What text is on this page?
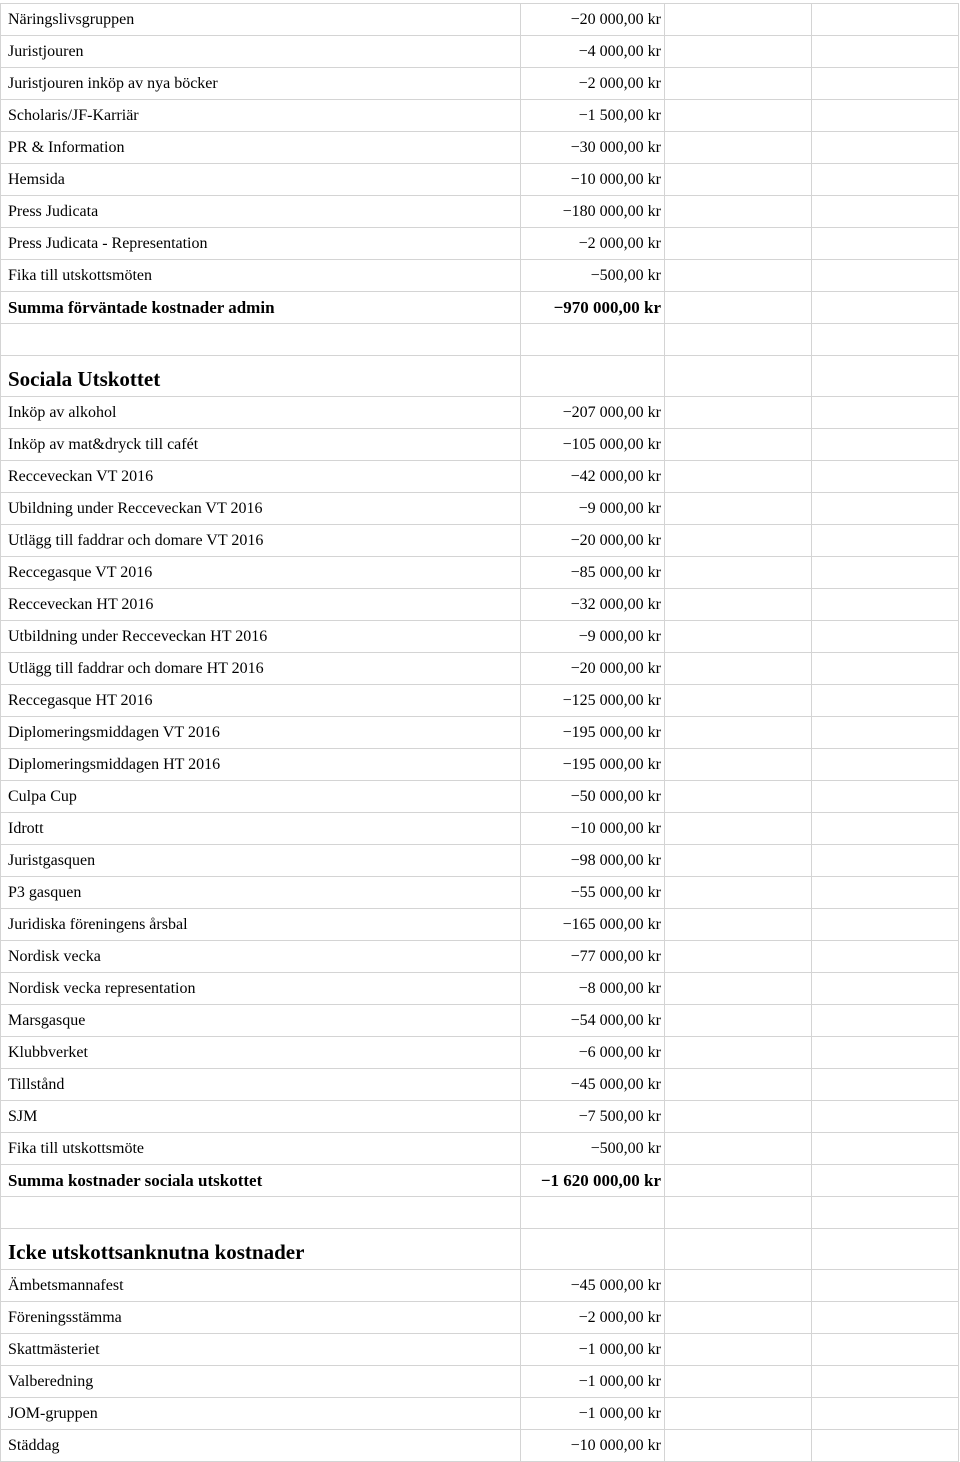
Näringslivsgruppen	−20 000,00 kr		
Juristjouren	−4 000,00 kr		
Juristjouren inköp av nya böcker	−2 000,00 kr		
Scholaris/JF-Karriär	−1 500,00 kr		
PR & Information	−30 000,00 kr		
Hemsida	−10 000,00 kr		
Press Judicata	−180 000,00 kr		
Press Judicata - Representation	−2 000,00 kr		
Fika till utskottsmöten	−500,00 kr		
Summa förväntade kostnader admin	−970 000,00 kr		

Sociala Utskottet			
Inköp av alkohol	−207 000,00 kr		
Inköp av mat&dryck till cafét	−105 000,00 kr		
Recceveckan VT 2016	−42 000,00 kr		
Ubildning under Recceveckan VT 2016	−9 000,00 kr		
Utlägg till faddrar och domare VT 2016	−20 000,00 kr		
Reccegasque VT 2016	−85 000,00 kr		
Recceveckan HT 2016	−32 000,00 kr		
Utbildning under Recceveckan HT 2016	−9 000,00 kr		
Utlägg till faddrar och domare HT 2016	−20 000,00 kr		
Reccegasque HT 2016	−125 000,00 kr		
Diplomeringsmiddagen VT 2016	−195 000,00 kr		
Diplomeringsmiddagen HT 2016	−195 000,00 kr		
Culpa Cup	−50 000,00 kr		
Idrott	−10 000,00 kr		
Juristgasquen	−98 000,00 kr		
P3 gasquen	−55 000,00 kr		
Juridiska föreningens årsbal	−165 000,00 kr		
Nordisk vecka	−77 000,00 kr		
Nordisk vecka representation	−8 000,00 kr		
Marsgasque	−54 000,00 kr		
Klubbverket	−6 000,00 kr		
Tillstånd	−45 000,00 kr		
SJM	−7 500,00 kr		
Fika till utskottsmöte	−500,00 kr		
Summa kostnader sociala utskottet	−1 620 000,00 kr		

Icke utskottsanknutna kostnader			
Ämbetsmannafest	−45 000,00 kr		
Föreningsstämma	−2 000,00 kr		
Skattmästeriet	−1 000,00 kr		
Valberedning	−1 000,00 kr		
JOM-gruppen	−1 000,00 kr		
Städdag	−10 000,00 kr		
